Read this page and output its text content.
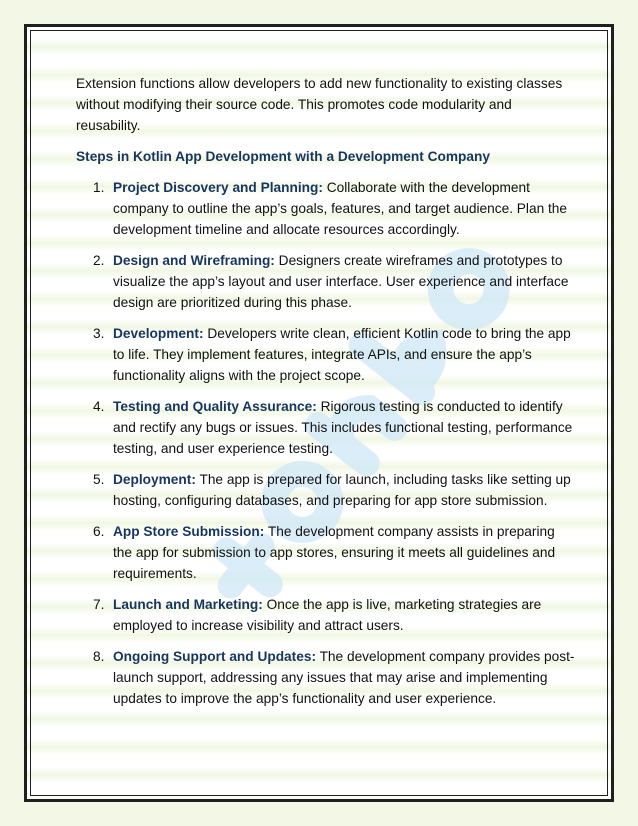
Extension functions allow developers to add new functionality to existing classes without modifying their source code. This promotes code modularity and reusability.

Steps in Kotlin App Development with a Development Company

1. Project Discovery and Planning: Collaborate with the development company to outline the app’s goals, features, and target audience. Plan the development timeline and allocate resources accordingly.
2. Design and Wireframing: Designers create wireframes and prototypes to visualize the app’s layout and user interface. User experience and interface design are prioritized during this phase.
3. Development: Developers write clean, efficient Kotlin code to bring the app to life. They implement features, integrate APIs, and ensure the app’s functionality aligns with the project scope.
4. Testing and Quality Assurance: Rigorous testing is conducted to identify and rectify any bugs or issues. This includes functional testing, performance testing, and user experience testing.
5. Deployment: The app is prepared for launch, including tasks like setting up hosting, configuring databases, and preparing for app store submission.
6. App Store Submission: The development company assists in preparing the app for submission to app stores, ensuring it meets all guidelines and requirements.
7. Launch and Marketing: Once the app is live, marketing strategies are employed to increase visibility and attract users.
8. Ongoing Support and Updates: The development company provides post-launch support, addressing any issues that may arise and implementing updates to improve the app’s functionality and user experience.
